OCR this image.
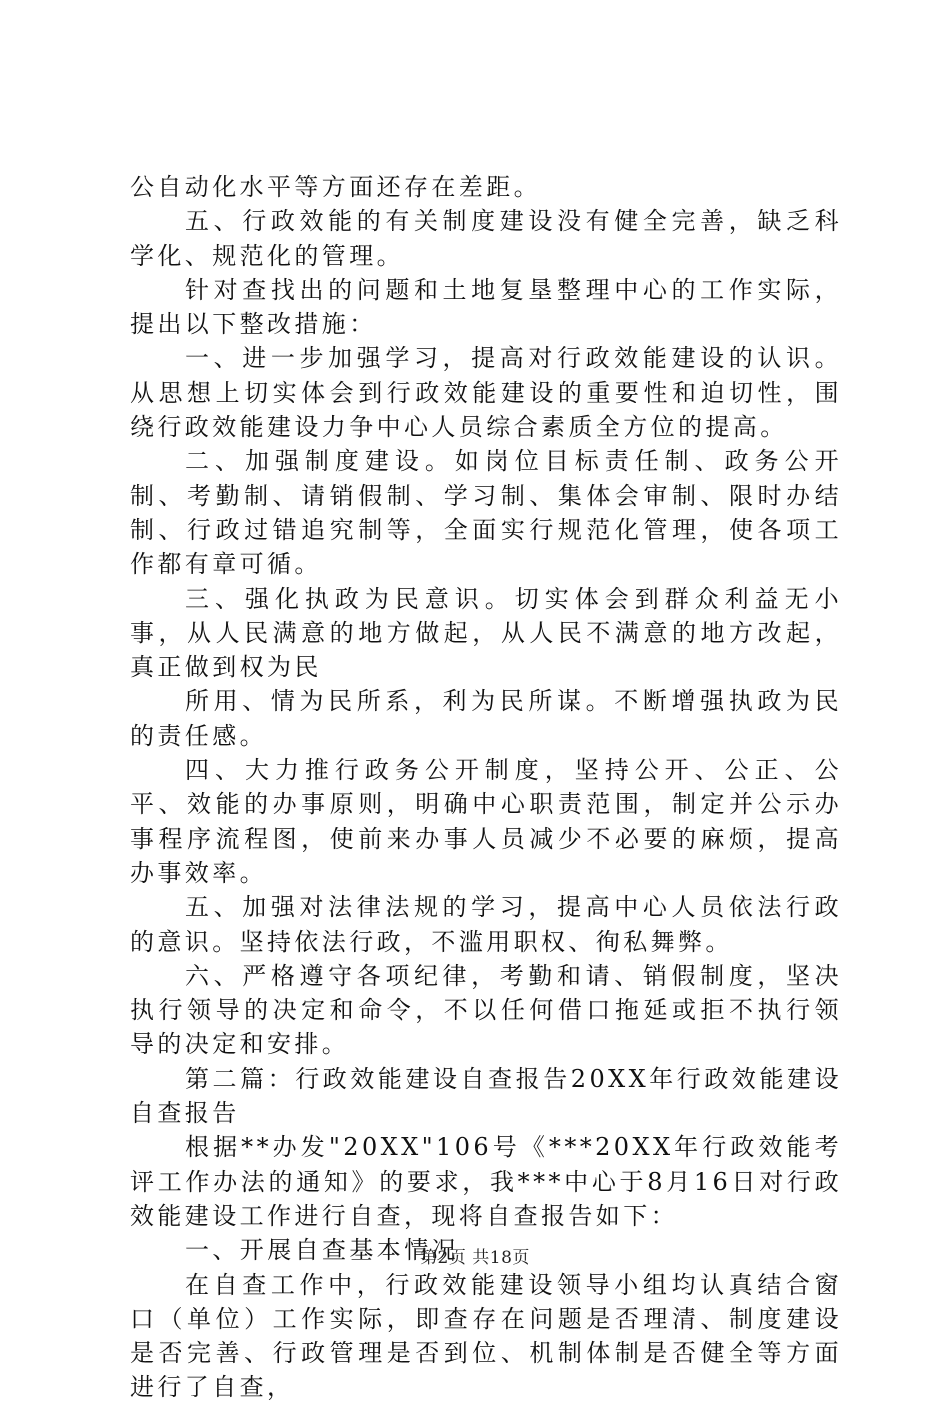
公自动化水平等方面还存在差距。

五、行政效能的有关制度建设没有健全完善，缺乏科学化、规范化的管理。

针对查找出的问题和土地复垦整理中心的工作实际，提出以下整改措施：

一、进一步加强学习，提高对行政效能建设的认识。从思想上切实体会到行政效能建设的重要性和迫切性，围绕行政效能建设力争中心人员综合素质全方位的提高。

二、加强制度建设。如岗位目标责任制、政务公开制、考勤制、请销假制、学习制、集体会审制、限时办结制、行政过错追究制等，全面实行规范化管理，使各项工作都有章可循。

三、强化执政为民意识。切实体会到群众利益无小事，从人民满意的地方做起，从人民不满意的地方改起，真正做到权为民

所用、情为民所系，利为民所谋。不断增强执政为民的责任感。

四、大力推行政务公开制度，坚持公开、公正、公平、效能的办事原则，明确中心职责范围，制定并公示办事程序流程图，使前来办事人员减少不必要的麻烦，提高办事效率。

五、加强对法律法规的学习，提高中心人员依法行政的意识。坚持依法行政，不滥用职权、徇私舞弊。

六、严格遵守各项纪律，考勤和请、销假制度，坚决执行领导的决定和命令，不以任何借口拖延或拒不执行领导的决定和安排。

第二篇：行政效能建设自查报告20XX年行政效能建设自查报告

根据**办发"20XX"106号《***20XX年行政效能考评工作办法的通知》的要求，我***中心于8月16日对行政效能建设工作进行自查，现将自查报告如下：

一、开展自查基本情况

在自查工作中，行政效能建设领导小组均认真结合窗口（单位）工作实际，即查存在问题是否理清、制度建设是否完善、行政管理是否到位、机制体制是否健全等方面进行了自查，

第2页 共18页
